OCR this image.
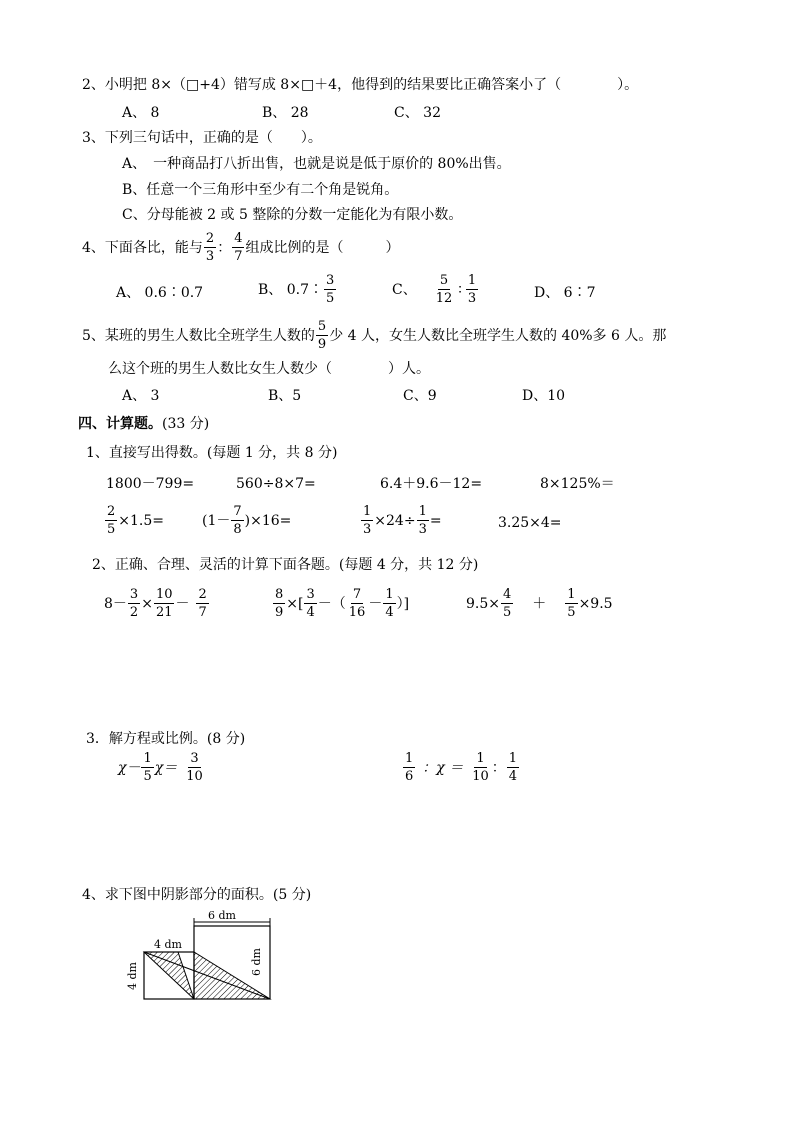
2、小明把 8×（□+4）错写成 8×□＋4，他得到的结果要比正确答案小了（　　　　）。
A、 8	B、 28	C、 32
3、下列三句话中，正确的是（　　）。
A、　一种商品打八折出售，也就是说是低于原价的 80%出售。
B、任意一个三角形中至少有二个角是锐角。
C、分母能被 2 或 5 整除的分数一定能化为有限小数。
4、下面各比，能与
2
3
：
4
7
组成比例的是（　　　）
A、 0.6∶0.7	B、 0.7∶
3
5
C、
5
12
∶
1
3	D、 6∶7
5、某班的男生人数比全班学生人数的
5
9
少 4 人，女生人数比全班学生人数的 40%多 6 人。那
么这个班的男生人数比女生人数少（　　　　）人。
A、 3	B、5	C、9	D、10
四、计算题。(33 分)
1、直接写出得数。(每题 1 分，共 8 分)
1800－799=	560÷8×7=	6.4＋9.6－12=	8×125%＝
$\frac{2}{5} \times 1.5=$	(1－
7
8
)×16=	$\frac{1}{3} \times 24\div \frac{1}{3}$ =	3.25×4=
2、正确、合理、灵活的计算下面各题。(每题 4 分，共 12 分)
$8- \frac{3}{2} \times \frac{10}{21}$ －
2
7	$\frac{8}{9}$ ×[
3
4
－（
7
16
－
1
4
）]	$9.5\times \frac{4}{5} + \frac{1}{5} \times 9.5$
3．解方程或比例。(8 分)
χ－
1
5
χ＝
3
10
1
6
：χ ＝
1
10
：
1
4
4、求下图中阴影部分的面积。(5 分)
6 dm
4 dm
4 dm
6 dm
